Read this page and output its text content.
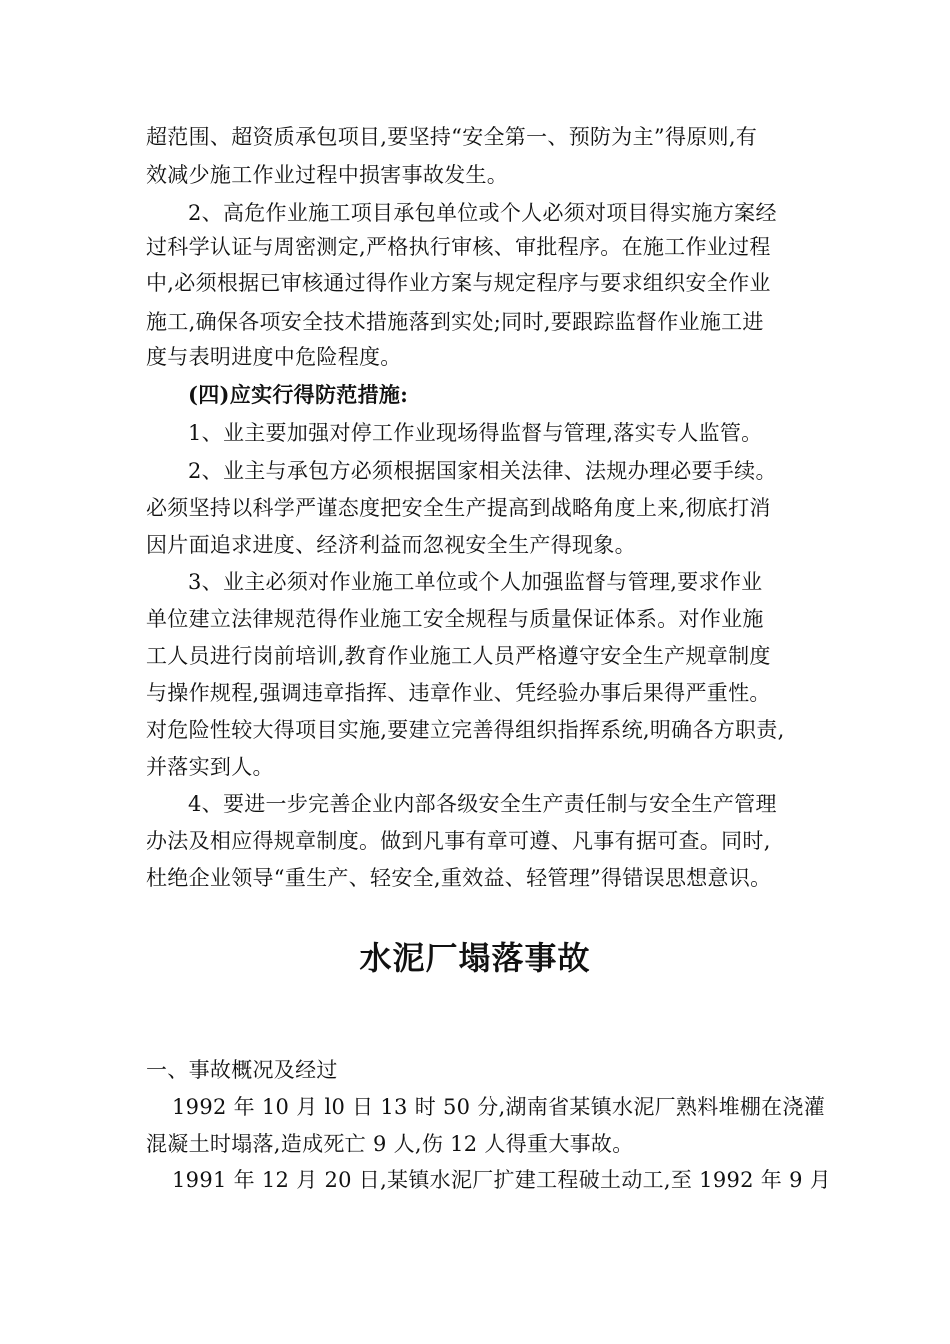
超范围、超资质承包项目,要坚持“安全第一、预防为主”得原则,有
效减少施工作业过程中损害事故发生。
2、高危作业施工项目承包单位或个人必须对项目得实施方案经
过科学认证与周密测定,严格执行审核、审批程序。在施工作业过程
中,必须根据已审核通过得作业方案与规定程序与要求组织安全作业
施工,确保各项安全技术措施落到实处;同时,要跟踪监督作业施工进
度与表明进度中危险程度。
(四)应实行得防范措施:
1、业主要加强对停工作业现场得监督与管理,落实专人监管。
2、业主与承包方必须根据国家相关法律、法规办理必要手续。
必须坚持以科学严谨态度把安全生产提高到战略角度上来,彻底打消
因片面追求进度、经济利益而忽视安全生产得现象。
3、业主必须对作业施工单位或个人加强监督与管理,要求作业
单位建立法律规范得作业施工安全规程与质量保证体系。对作业施
工人员进行岗前培训,教育作业施工人员严格遵守安全生产规章制度
与操作规程,强调违章指挥、违章作业、凭经验办事后果得严重性。
对危险性较大得项目实施,要建立完善得组织指挥系统,明确各方职责,
并落实到人。
4、要进一步完善企业内部各级安全生产责任制与安全生产管理
办法及相应得规章制度。做到凡事有章可遵、凡事有据可查。同时,
杜绝企业领导“重生产、轻安全,重效益、轻管理”得错误思想意识。
水泥厂塌落事故
一、事故概况及经过
1992 年 10 月 l0 日 13 时 50 分,湖南省某镇水泥厂熟料堆棚在浇灌
混凝土时塌落,造成死亡 9 人,伤 12 人得重大事故。
1991 年 12 月 20 日,某镇水泥厂扩建工程破土动工,至 1992 年 9 月
